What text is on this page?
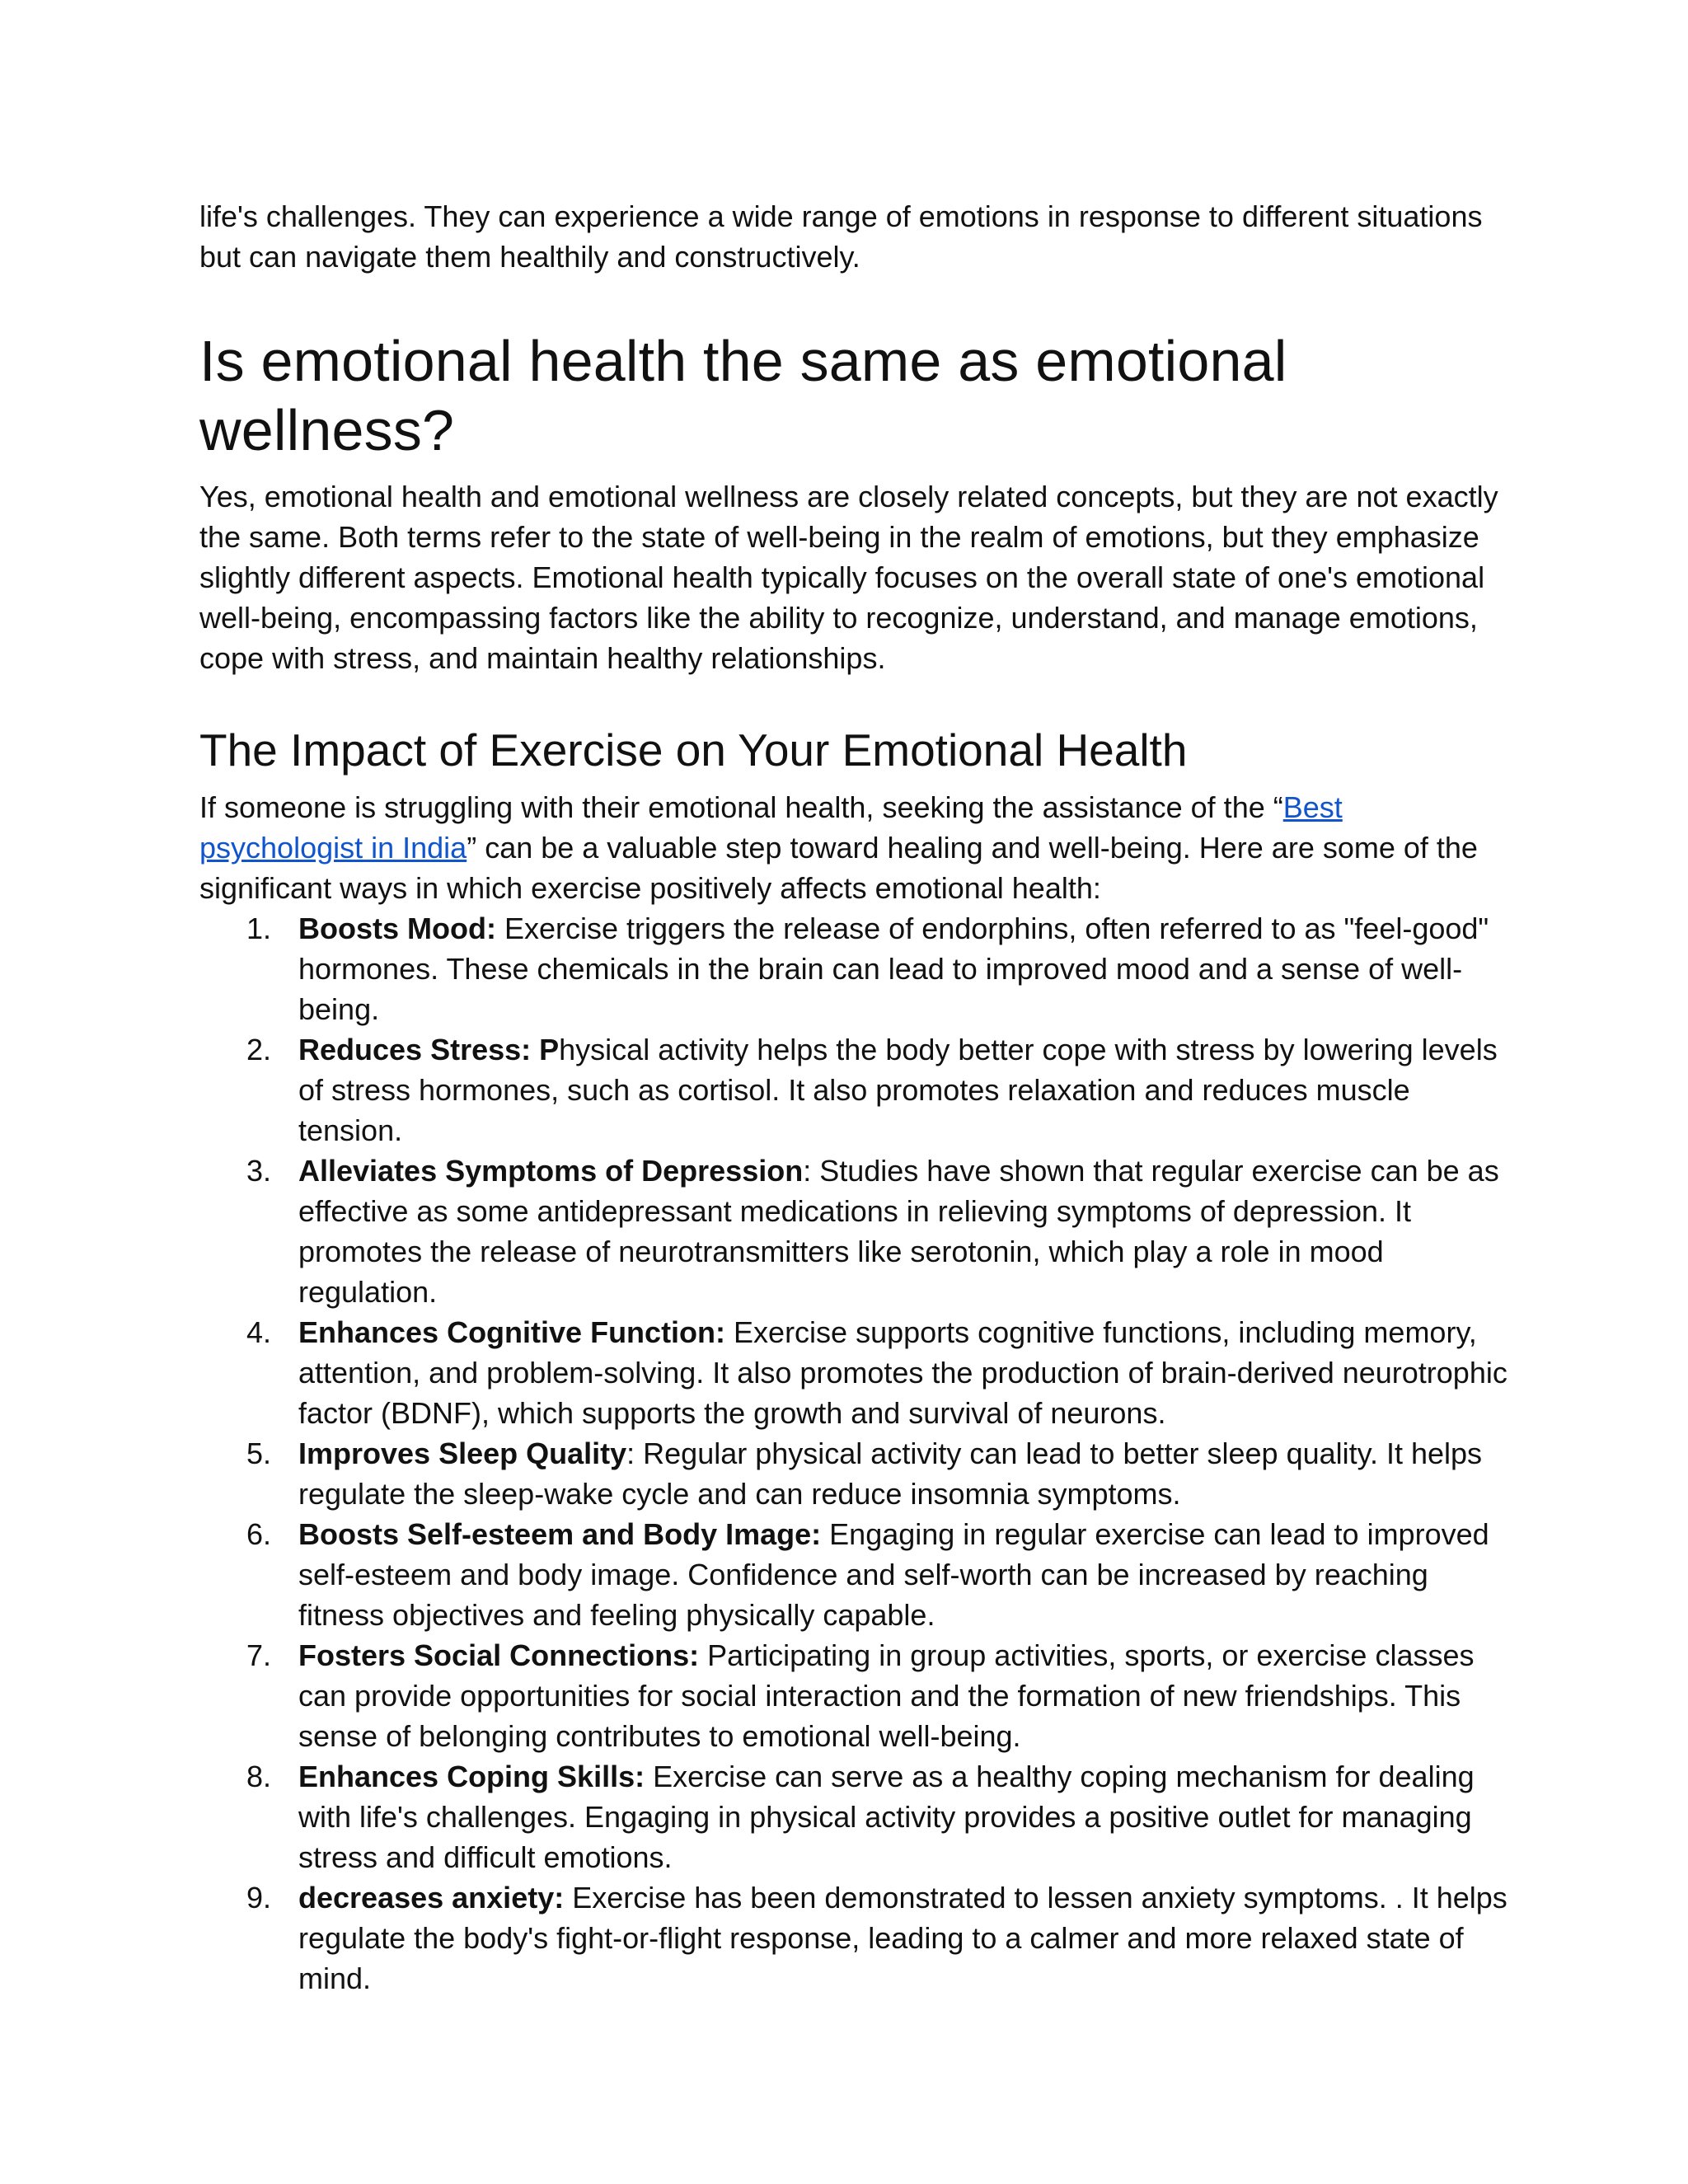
life's challenges. They can experience a wide range of emotions in response to different situations but can navigate them healthily and constructively.

Is emotional health the same as emotional wellness?

Yes, emotional health and emotional wellness are closely related concepts, but they are not exactly the same. Both terms refer to the state of well-being in the realm of emotions, but they emphasize slightly different aspects. Emotional health typically focuses on the overall state of one's emotional well-being, encompassing factors like the ability to recognize, understand, and manage emotions, cope with stress, and maintain healthy relationships.

The Impact of Exercise on Your Emotional Health

If someone is struggling with their emotional health, seeking the assistance of the “Best psychologist in India” can be a valuable step toward healing and well-being. Here are some of the significant ways in which exercise positively affects emotional health:

1. Boosts Mood: Exercise triggers the release of endorphins, often referred to as "feel-good" hormones. These chemicals in the brain can lead to improved mood and a sense of well-being.
2. Reduces Stress: Physical activity helps the body better cope with stress by lowering levels of stress hormones, such as cortisol. It also promotes relaxation and reduces muscle tension.
3. Alleviates Symptoms of Depression: Studies have shown that regular exercise can be as effective as some antidepressant medications in relieving symptoms of depression. It promotes the release of neurotransmitters like serotonin, which play a role in mood regulation.
4. Enhances Cognitive Function: Exercise supports cognitive functions, including memory, attention, and problem-solving. It also promotes the production of brain-derived neurotrophic factor (BDNF), which supports the growth and survival of neurons.
5. Improves Sleep Quality: Regular physical activity can lead to better sleep quality. It helps regulate the sleep-wake cycle and can reduce insomnia symptoms.
6. Boosts Self-esteem and Body Image: Engaging in regular exercise can lead to improved self-esteem and body image. Confidence and self-worth can be increased by reaching fitness objectives and feeling physically capable.
7. Fosters Social Connections: Participating in group activities, sports, or exercise classes can provide opportunities for social interaction and the formation of new friendships. This sense of belonging contributes to emotional well-being.
8. Enhances Coping Skills: Exercise can serve as a healthy coping mechanism for dealing with life's challenges. Engaging in physical activity provides a positive outlet for managing stress and difficult emotions.
9. decreases anxiety: Exercise has been demonstrated to lessen anxiety symptoms. . It helps regulate the body's fight-or-flight response, leading to a calmer and more relaxed state of mind.
